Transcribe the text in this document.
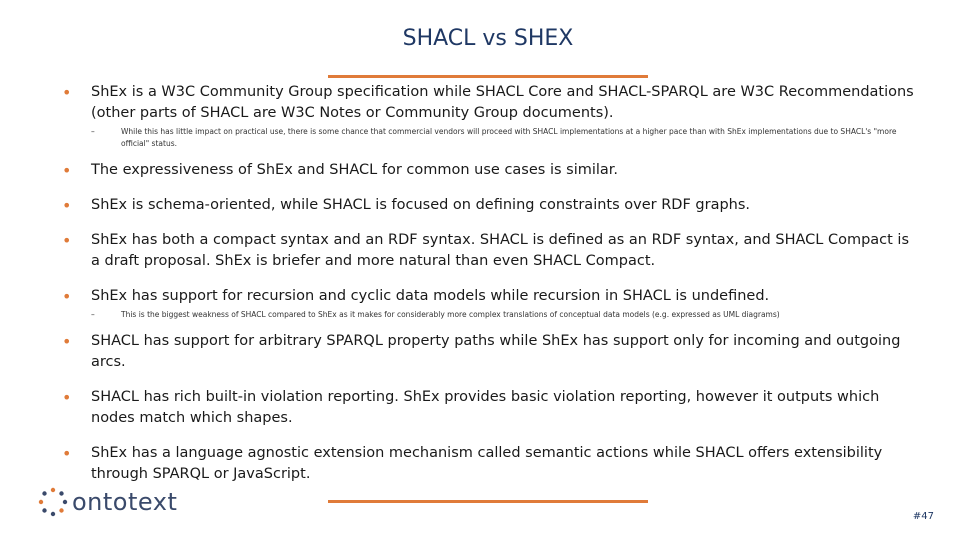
SHACL vs SHEX
• ShEx is a W3C Community Group specification while SHACL Core and SHACL-SPARQL are W3C Recommendations (other parts of SHACL are W3C Notes or Community Group documents).
–	While this has little impact on practical use, there is some chance that commercial vendors will proceed with SHACL implementations at a higher pace than with ShEx implementations due to SHACL's "more official" status.
• The expressiveness of ShEx and SHACL for common use cases is similar.
• ShEx is schema-oriented, while SHACL is focused on defining constraints over RDF graphs.
• ShEx has both a compact syntax and an RDF syntax. SHACL is defined as an RDF syntax, and SHACL Compact is a draft proposal. ShEx is briefer and more natural than even SHACL Compact.
• ShEx has support for recursion and cyclic data models while recursion in SHACL is undefined.
–	This is the biggest weakness of SHACL compared to ShEx as it makes for considerably more complex translations of conceptual data models (e.g. expressed as UML diagrams)
• SHACL has support for arbitrary SPARQL property paths while ShEx has support only for incoming and outgoing arcs.
• SHACL has rich built-in violation reporting. ShEx provides basic violation reporting, however it outputs which nodes match which shapes.
• ShEx has a language agnostic extension mechanism called semantic actions while SHACL offers extensibility through SPARQL or JavaScript.
ontotext
#47
